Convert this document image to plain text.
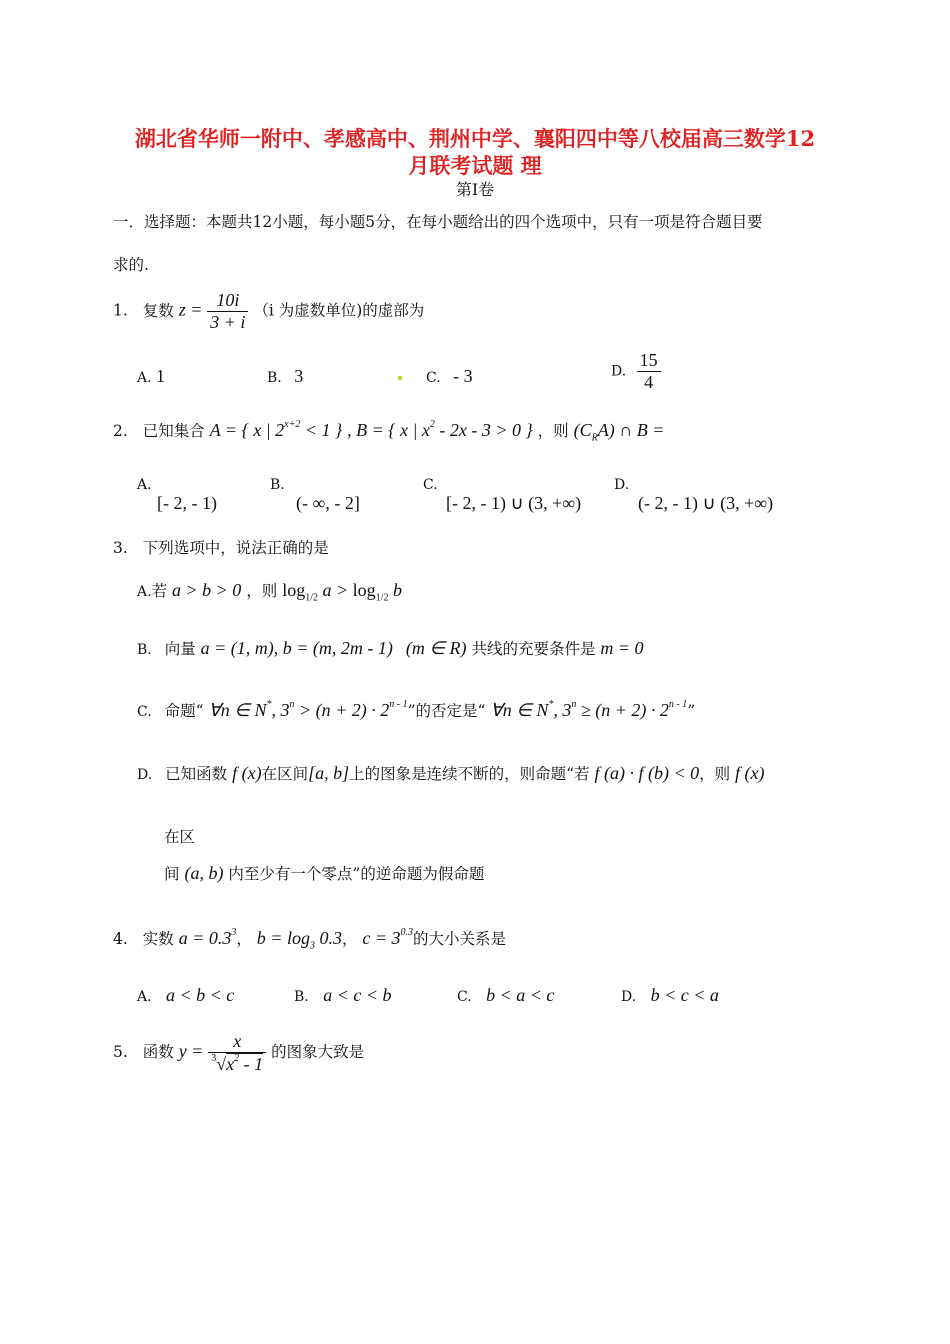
湖北省华师一附中、孝感高中、荆州中学、襄阳四中等八校届高三数学12
月联考试题 理
第Ⅰ卷
一．选择题：本题共12小题，每小题5分，在每小题给出的四个选项中，只有一项是符合题目要
求的.
1. 复数 $z = \frac{10i}{3 + i} (i$ 为虚数单位)的虚部为
A. 1	B. 3	C. - 3	D. $\frac{15}{4}$
2. 已知集合 A = { x | $2^{x+2} < 1$ } , B = { x | $x^2 - 2x - 3 > 0$ } ，则 $(C_RA)$ ∩ B =
A.
[- 2, - 1)
B.
(- ∞, - 2]
C.
[- 2, - 1) ∪ (3, +∞)
D.
(- 2, - 1) ∪ (3, +∞)
3. 下列选项中，说法正确的是
A.若 a > b > 0 ，则 $\log_{1/2} a > \log_{1/2} b$
B. 向量 a = (1, m), b = (m, 2m - 1) (m ∈ R) 共线的充要条件是 m = 0
C. 命题“ ∀n ∈ N*, $3^n > (n + 2) \cdot 2^{n - 1}$”的否定是“ ∀n ∈ N*, $3^n \ge (n + 2) \cdot 2^{n - 1}$”
D. 已知函数 f (x)在区间[a, b]上的图象是连续不断的，则命题“若 f (a) · f (b) < 0，则 f (x)
在区
间 (a, b) 内至少有一个零点”的逆命题为假命题
4. 实数 $a = 0.3^3$， $b = \log_3 0.3$， $c = 3^{0.3}$的大小关系是
A. a < b < c	B. a < c < b	C. b < a < c	D. b < c < a
5. 函数 $y = \frac{x}{^3√x^2 - 1}$ 的图象大致是
